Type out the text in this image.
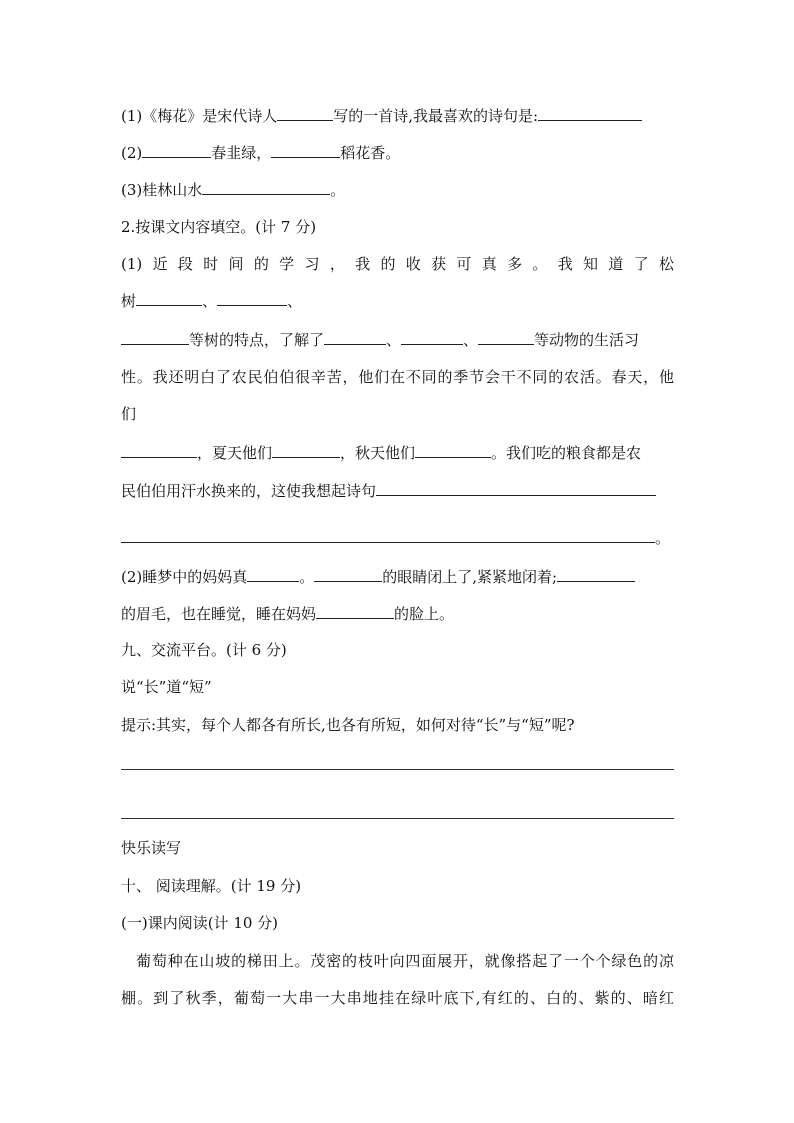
(1)《梅花》是宋代诗人	写的一首诗,我最喜欢的诗句是:
(2)	春韭绿，	稻花香。
(3)桂林山水	。
2.按课文内容填空。(计 7 分)
(1)近段时间的学习，我的收获可真多。我知道了松
树	、	、
等树的特点，了解了	、	、	等动物的生活习
性。我还明白了农民伯伯很辛苦，他们在不同的季节会干不同的农活。春天，他
们
，夏天他们	，秋天他们	。我们吃的粮食都是农
民伯伯用汗水换来的，这使我想起诗句
。
(2)睡梦中的妈妈真	。	的眼睛闭上了,紧紧地闭着;
的眉毛，也在睡觉，睡在妈妈	的脸上。
九、交流平台。(计 6 分)
说“长”道“短”
提示:其实，每个人都各有所长,也各有所短，如何对待“长”与“短”呢?
快乐读写
十、 阅读理解。(计 19 分)
(一)课内阅读(计 10 分)
葡萄种在山坡的梯田上。茂密的枝叶向四面展开，就像搭起了一个个绿色的凉
棚。到了秋季，葡萄一大串一大串地挂在绿叶底下,有红的、白的、紫的、暗红
